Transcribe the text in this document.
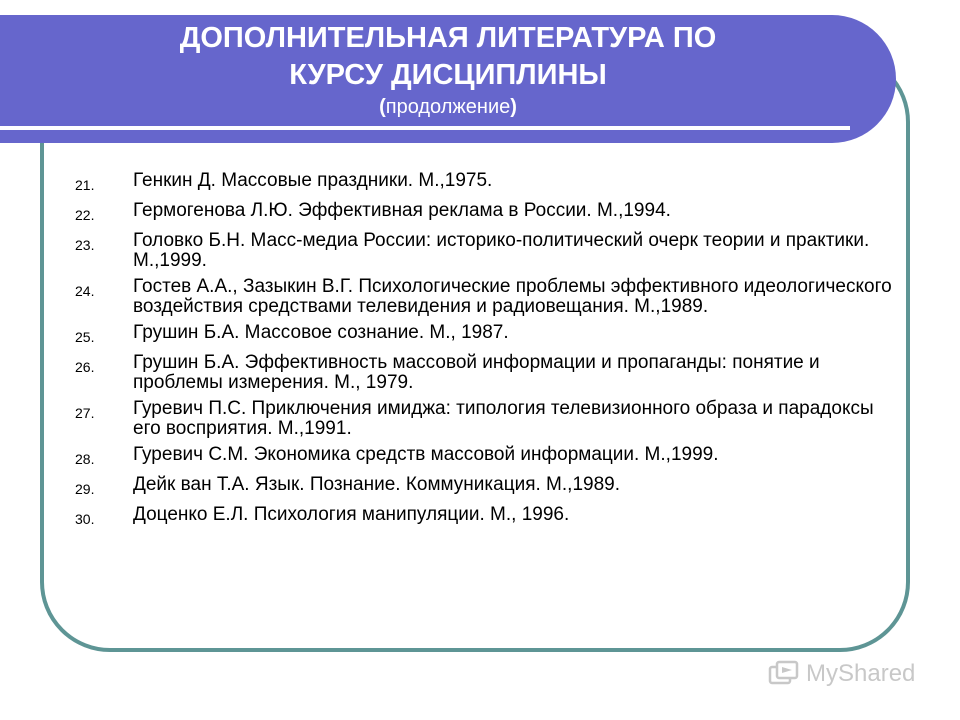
ДОПОЛНИТЕЛЬНАЯ ЛИТЕРАТУРА ПО
КУРСУ ДИСЦИПЛИНЫ
(продолжение)
21.	Генкин Д. Массовые праздники. М.,1975.
22.	Гермогенова Л.Ю. Эффективная реклама в России. М.,1994.
23.	Головко Б.Н. Масс-медиа России: историко-политический очерк теории и практики. М.,1999.
24.	Гостев А.А., Зазыкин В.Г. Психологические проблемы эффективного идеологического воздействия средствами телевидения и радиовещания. М.,1989.
25.	Грушин Б.А. Массовое сознание. М., 1987.
26.	Грушин Б.А. Эффективность массовой информации и пропаганды: понятие и проблемы измерения. М., 1979.
27.	Гуревич П.С. Приключения имиджа: типология телевизионного образа и парадоксы его восприятия. М.,1991.
28.	Гуревич С.М. Экономика средств массовой информации. М.,1999.
29.	Дейк ван Т.А. Язык. Познание. Коммуникация. М.,1989.
30.	Доценко Е.Л. Психология манипуляции. М., 1996.
MyShared
